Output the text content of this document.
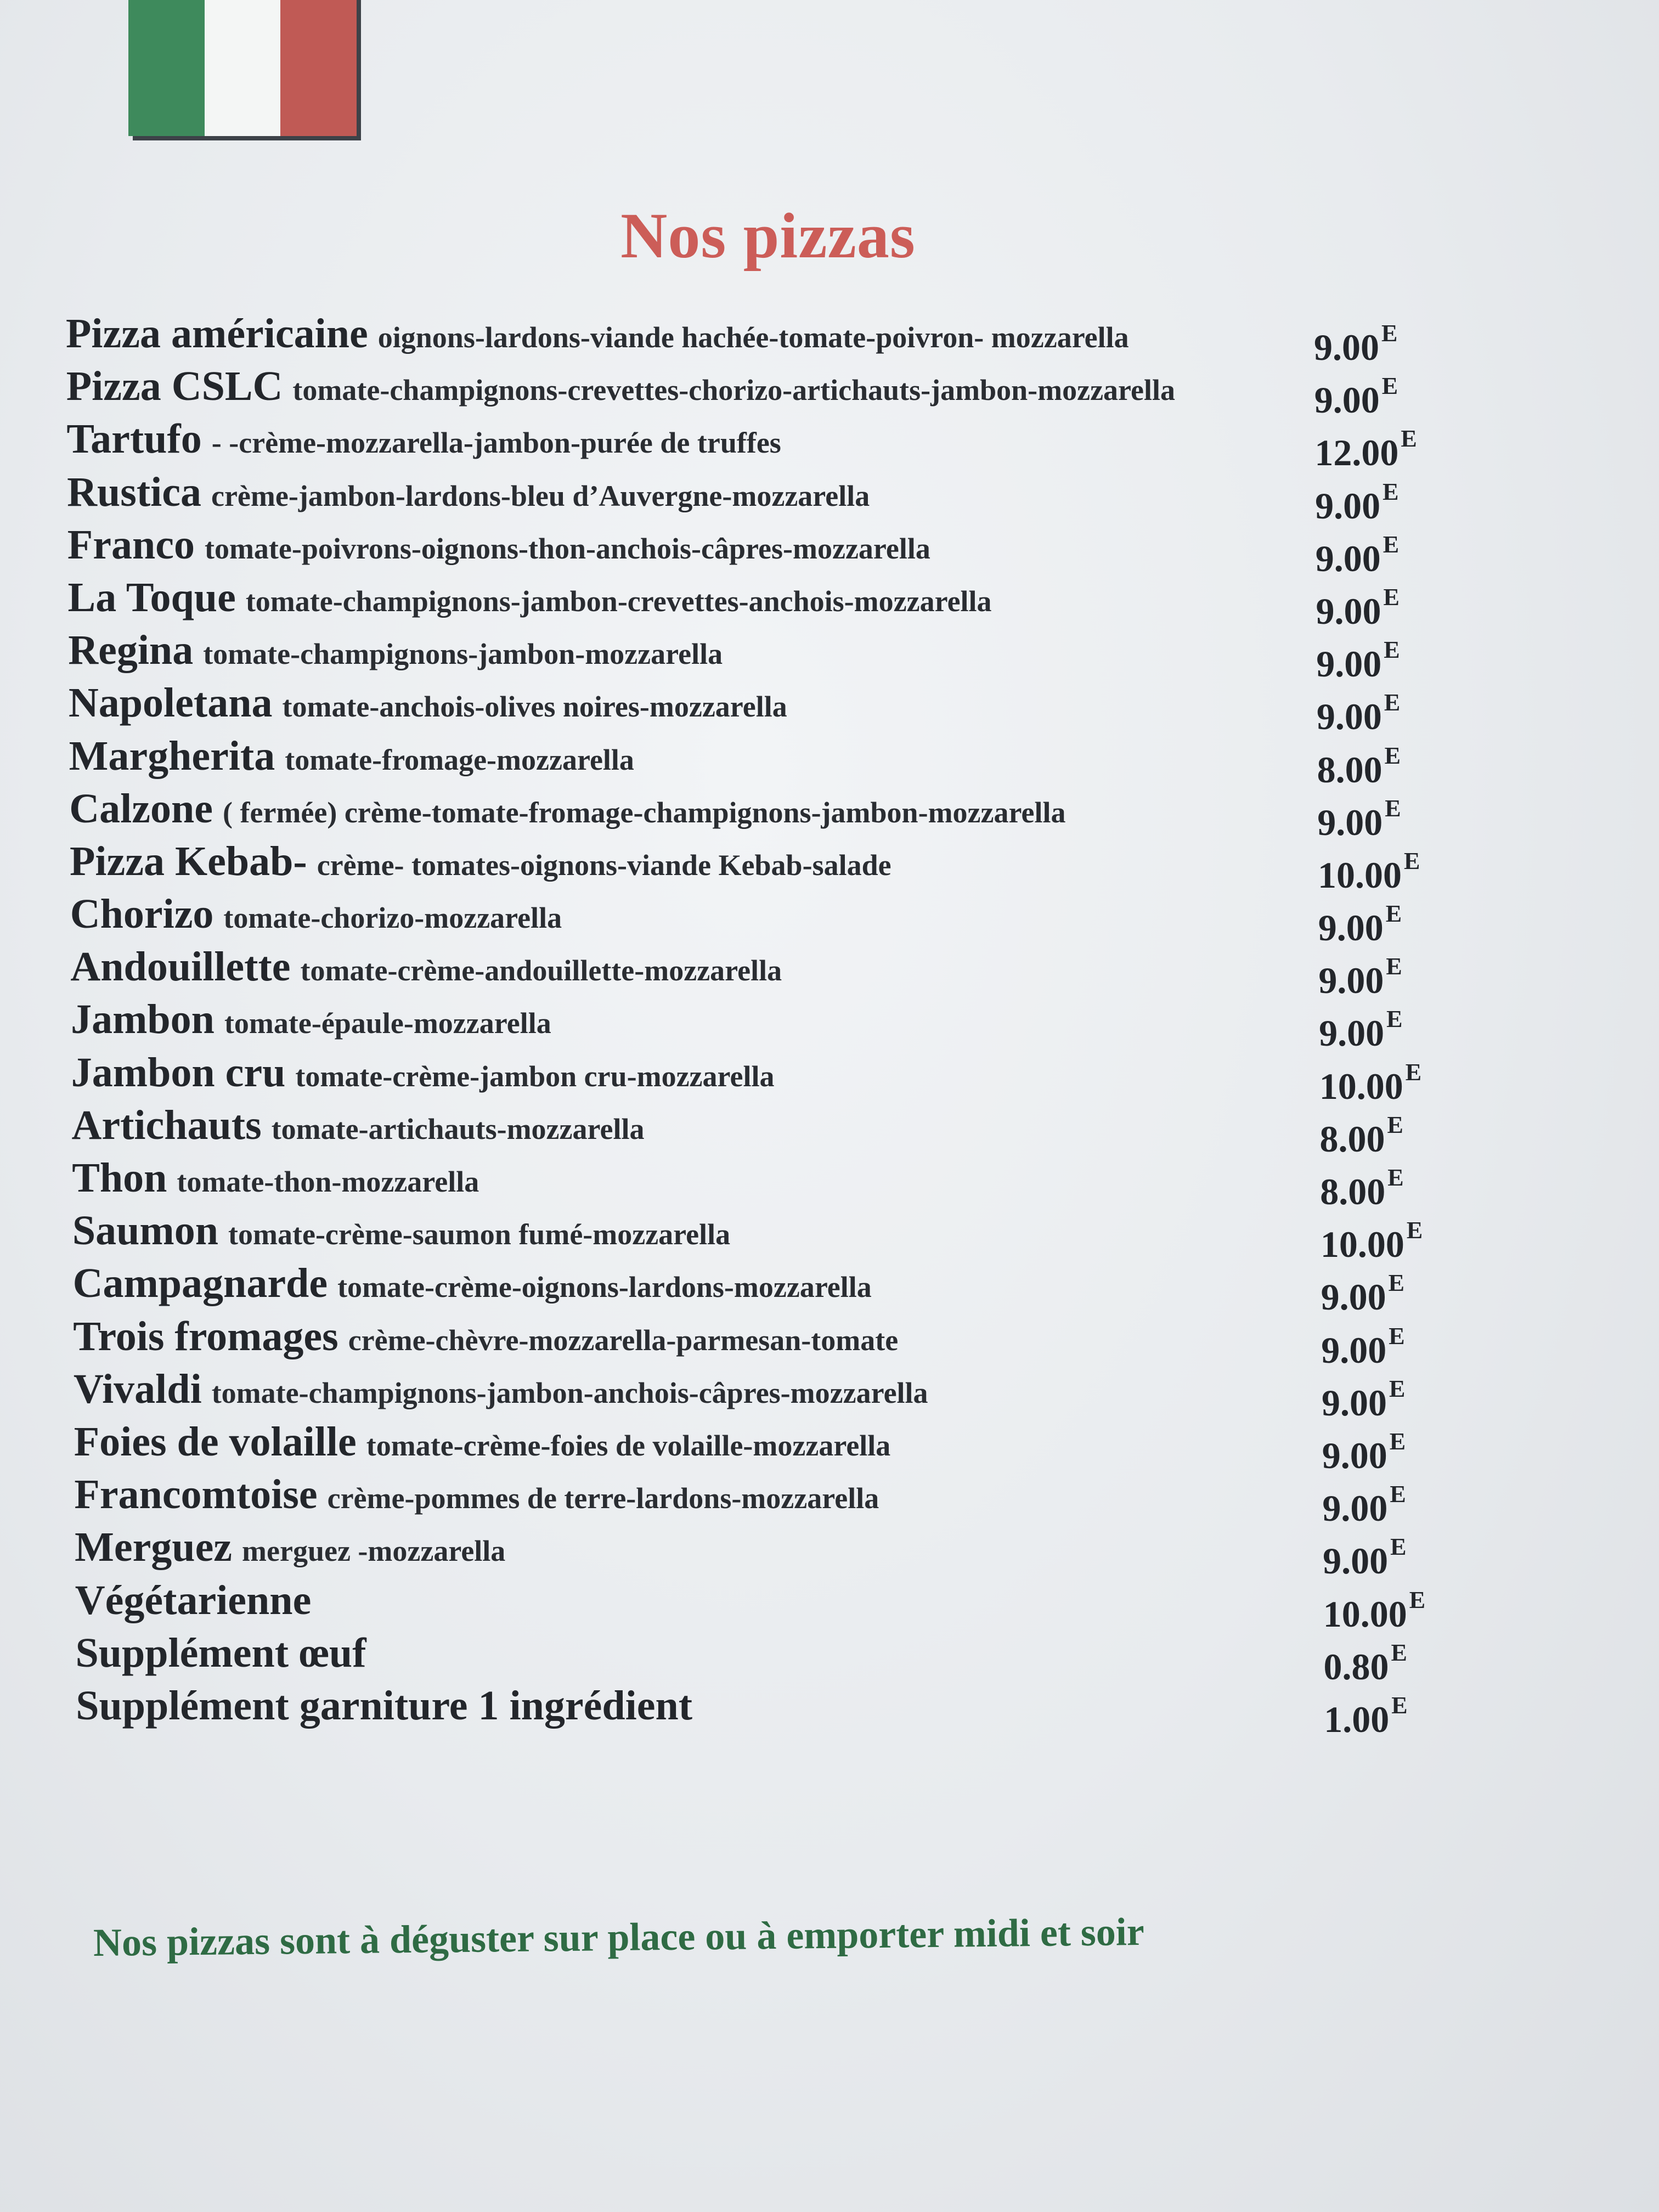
Nos pizzas
Pizza américaine oignons-lardons-viande hachée-tomate-poivron- mozzarella	$9.00^E$
Pizza CSLC tomate-champignons-crevettes-chorizo-artichauts-jambon-mozzarella	$9.00^E$
Tartufo - -crème-mozzarella-jambon-purée de truffes	$12.00^E$
Rustica crème-jambon-lardons-bleu d’Auvergne-mozzarella	$9.00^E$
Franco tomate-poivrons-oignons-thon-anchois-câpres-mozzarella	$9.00^E$
La Toque tomate-champignons-jambon-crevettes-anchois-mozzarella	$9.00^E$
Regina tomate-champignons-jambon-mozzarella	$9.00^E$
Napoletana tomate-anchois-olives noires-mozzarella	$9.00^E$
Margherita tomate-fromage-mozzarella	$8.00^E$
Calzone ( fermée) crème-tomate-fromage-champignons-jambon-mozzarella	$9.00^E$
Pizza Kebab- crème- tomates-oignons-viande Kebab-salade	$10.00^E$
Chorizo tomate-chorizo-mozzarella	$9.00^E$
Andouillette tomate-crème-andouillette-mozzarella	$9.00^E$
Jambon tomate-épaule-mozzarella	$9.00^E$
Jambon cru tomate-crème-jambon cru-mozzarella	$10.00^E$
Artichauts tomate-artichauts-mozzarella	$8.00^E$
Thon tomate-thon-mozzarella	$8.00^E$
Saumon tomate-crème-saumon fumé-mozzarella	$10.00^E$
Campagnarde tomate-crème-oignons-lardons-mozzarella	$9.00^E$
Trois fromages crème-chèvre-mozzarella-parmesan-tomate	$9.00^E$
Vivaldi tomate-champignons-jambon-anchois-câpres-mozzarella	$9.00^E$
Foies de volaille tomate-crème-foies de volaille-mozzarella	$9.00^E$
Francomtoise crème-pommes de terre-lardons-mozzarella	$9.00^E$
Merguez merguez -mozzarella	$9.00^E$
Végétarienne	$10.00^E$
Supplément œuf	$0.80^E$
Supplément garniture 1 ingrédient	$1.00^E$
Nos pizzas sont à déguster sur place ou à emporter midi et soir
